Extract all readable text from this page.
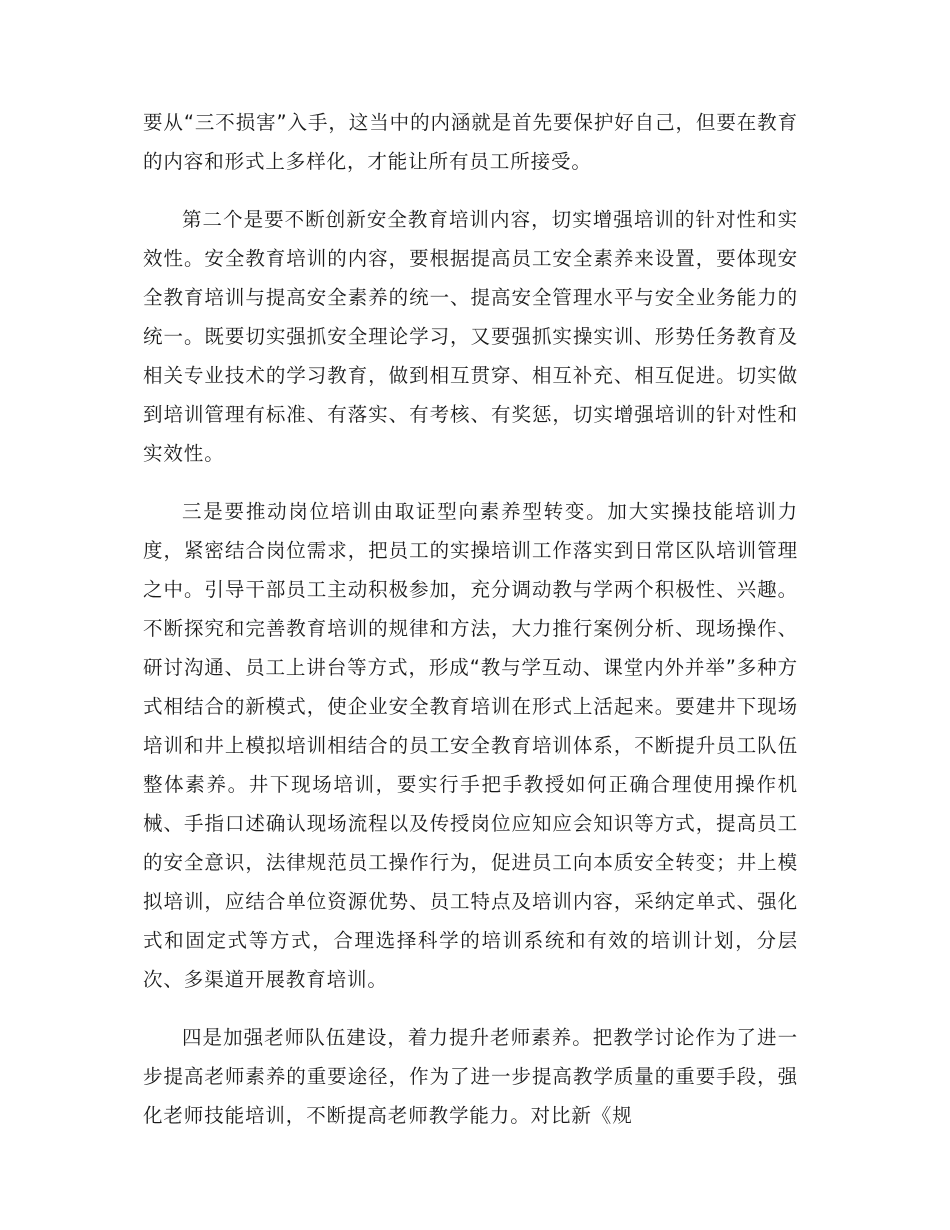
要从“三不损害”入手，这当中的内涵就是首先要保护好自己，但要在教育的内容和形式上多样化，才能让所有员工所接受。

第二个是要不断创新安全教育培训内容，切实增强培训的针对性和实效性。安全教育培训的内容，要根据提高员工安全素养来设置，要体现安全教育培训与提高安全素养的统一、提高安全管理水平与安全业务能力的统一。既要切实强抓安全理论学习，又要强抓实操实训、形势任务教育及相关专业技术的学习教育，做到相互贯穿、相互补充、相互促进。切实做到培训管理有标准、有落实、有考核、有奖惩，切实增强培训的针对性和实效性。

三是要推动岗位培训由取证型向素养型转变。加大实操技能培训力度，紧密结合岗位需求，把员工的实操培训工作落实到日常区队培训管理之中。引导干部员工主动积极参加，充分调动教与学两个积极性、兴趣。不断探究和完善教育培训的规律和方法，大力推行案例分析、现场操作、研讨沟通、员工上讲台等方式，形成“教与学互动、课堂内外并举”多种方式相结合的新模式，使企业安全教育培训在形式上活起来。要建井下现场培训和井上模拟培训相结合的员工安全教育培训体系，不断提升员工队伍整体素养。井下现场培训，要实行手把手教授如何正确合理使用操作机械、手指口述确认现场流程以及传授岗位应知应会知识等方式，提高员工的安全意识，法律规范员工操作行为，促进员工向本质安全转变；井上模拟培训，应结合单位资源优势、员工特点及培训内容，采纳定单式、强化式和固定式等方式，合理选择科学的培训系统和有效的培训计划，分层次、多渠道开展教育培训。

四是加强老师队伍建设，着力提升老师素养。把教学讨论作为了进一步提高老师素养的重要途径，作为了进一步提高教学质量的重要手段，强化老师技能培训，不断提高老师教学能力。对比新《规
